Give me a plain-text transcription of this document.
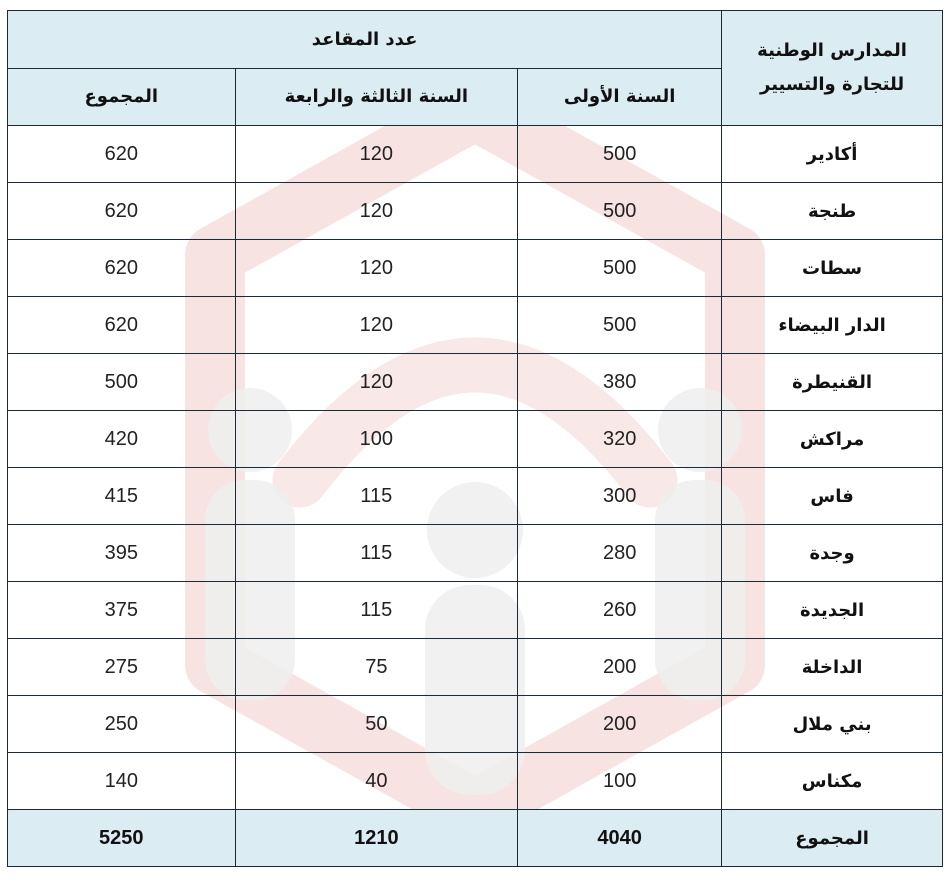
المدارس الوطنية للتجارة والتسيير	عدد المقاعد		
	السنة الأولى	السنة الثالثة والرابعة	المجموع
أكادير	500	120	620
طنجة	500	120	620
سطات	500	120	620
الدار البيضاء	500	120	620
القنيطرة	380	120	500
مراكش	320	100	420
فاس	300	115	415
وجدة	280	115	395
الجديدة	260	115	375
الداخلة	200	75	275
بني ملال	200	50	250
مكناس	100	40	140
المجموع	4040	1210	5250
